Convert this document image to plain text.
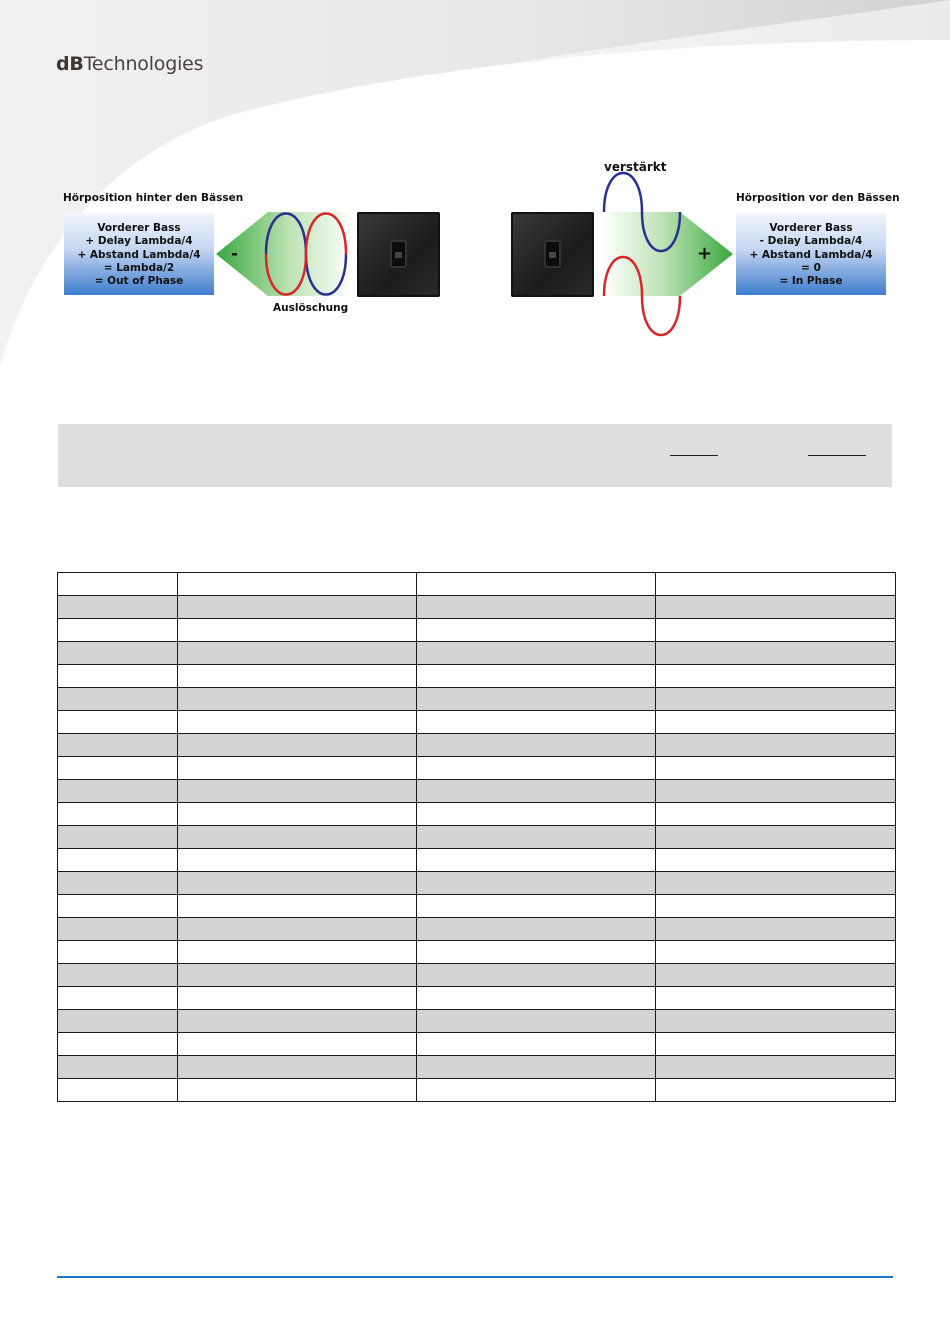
dBTechnologies
Hörposition hinter den Bässen	Hörposition vor den Bässen
Vorderer Bass
+ Delay Lambda/4
+ Abstand Lambda/4
= Lambda/2
= Out of Phase
Vorderer Bass
- Delay Lambda/4
+ Abstand Lambda/4
= 0
= In Phase
-	+
Auslöschung
verstärkt
